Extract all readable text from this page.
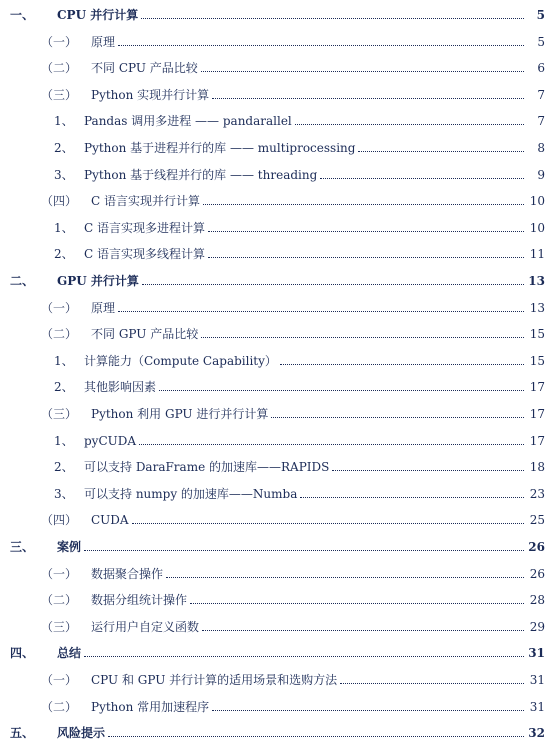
一、	CPU 并行计算	5
（一）	原理	5
（二）	不同 CPU 产品比较	6
（三）	Python 实现并行计算	7
1、 Pandas 调用多进程 —— pandarallel	7
2、 Python 基于进程并行的库 —— multiprocessing	8
3、 Python 基于线程并行的库 —— threading	9
（四）	C 语言实现并行计算	10
1、 C 语言实现多进程计算	10
2、 C 语言实现多线程计算	11
二、	GPU 并行计算	13
（一）	原理	13
（二）	不同 GPU 产品比较	15
1、 计算能力（Compute Capability）	15
2、 其他影响因素	17
（三）	Python 利用 GPU 进行并行计算	17
1、 pyCUDA	17
2、 可以支持 DaraFrame 的加速库——RAPIDS	18
3、 可以支持 numpy 的加速库——Numba	23
（四）	CUDA	25
三、	案例	26
（一）	数据聚合操作	26
（二）	数据分组统计操作	28
（三）	运行用户自定义函数	29
四、	总结	31
（一）	CPU 和 GPU 并行计算的适用场景和选购方法	31
（二）	Python 常用加速程序	31
五、	风险提示	32
